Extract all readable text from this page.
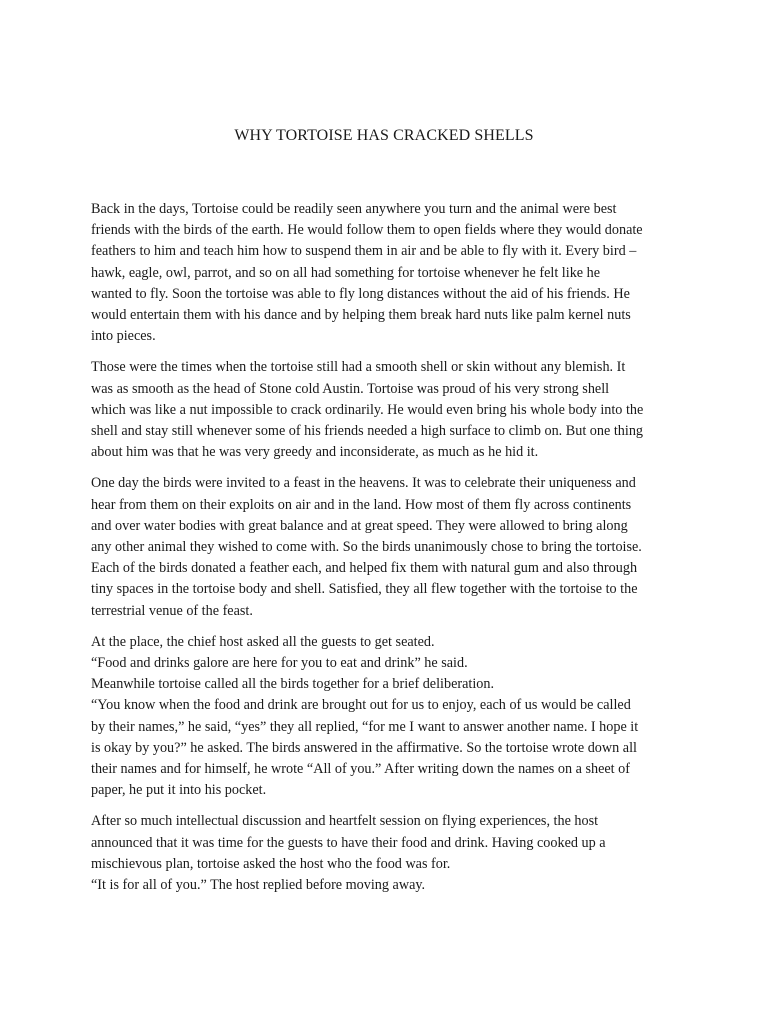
WHY TORTOISE HAS CRACKED SHELLS

Back in the days, Tortoise could be readily seen anywhere you turn and the animal were best
friends with the birds of the earth. He would follow them to open fields where they would donate
feathers to him and teach him how to suspend them in air and be able to fly with it. Every bird –
hawk, eagle, owl, parrot, and so on all had something for tortoise whenever he felt like he
wanted to fly. Soon the tortoise was able to fly long distances without the aid of his friends. He
would entertain them with his dance and by helping them break hard nuts like palm kernel nuts
into pieces.

Those were the times when the tortoise still had a smooth shell or skin without any blemish. It
was as smooth as the head of Stone cold Austin. Tortoise was proud of his very strong shell
which was like a nut impossible to crack ordinarily. He would even bring his whole body into the
shell and stay still whenever some of his friends needed a high surface to climb on. But one thing
about him was that he was very greedy and inconsiderate, as much as he hid it.

One day the birds were invited to a feast in the heavens. It was to celebrate their uniqueness and
hear from them on their exploits on air and in the land. How most of them fly across continents
and over water bodies with great balance and at great speed. They were allowed to bring along
any other animal they wished to come with. So the birds unanimously chose to bring the tortoise.
Each of the birds donated a feather each, and helped fix them with natural gum and also through
tiny spaces in the tortoise body and shell. Satisfied, they all flew together with the tortoise to the
terrestrial venue of the feast.

At the place, the chief host asked all the guests to get seated.
“Food and drinks galore are here for you to eat and drink” he said.
Meanwhile tortoise called all the birds together for a brief deliberation.
“You know when the food and drink are brought out for us to enjoy, each of us would be called
by their names,” he said, “yes” they all replied, “for me I want to answer another name. I hope it
is okay by you?” he asked. The birds answered in the affirmative. So the tortoise wrote down all
their names and for himself, he wrote “All of you.” After writing down the names on a sheet of
paper, he put it into his pocket.

After so much intellectual discussion and heartfelt session on flying experiences, the host
announced that it was time for the guests to have their food and drink. Having cooked up a
mischievous plan, tortoise asked the host who the food was for.
“It is for all of you.” The host replied before moving away.
